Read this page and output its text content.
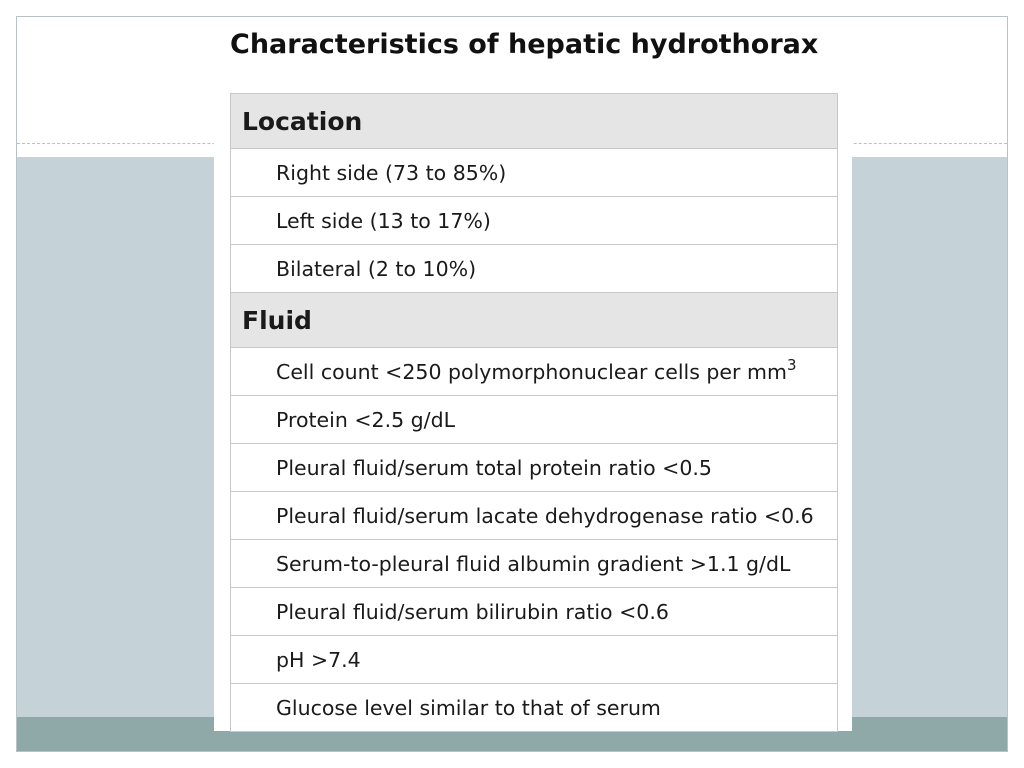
Characteristics of hepatic hydrothorax
Location
Right side (73 to 85%)
Left side (13 to 17%)
Bilateral (2 to 10%)
Fluid
Cell count <250 polymorphonuclear cells per $mm^3$
Protein <2.5 g/dL
Pleural fluid/serum total protein ratio <0.5
Pleural fluid/serum lacate dehydrogenase ratio <0.6
Serum-to-pleural fluid albumin gradient >1.1 g/dL
Pleural fluid/serum bilirubin ratio <0.6
pH >7.4
Glucose level similar to that of serum
